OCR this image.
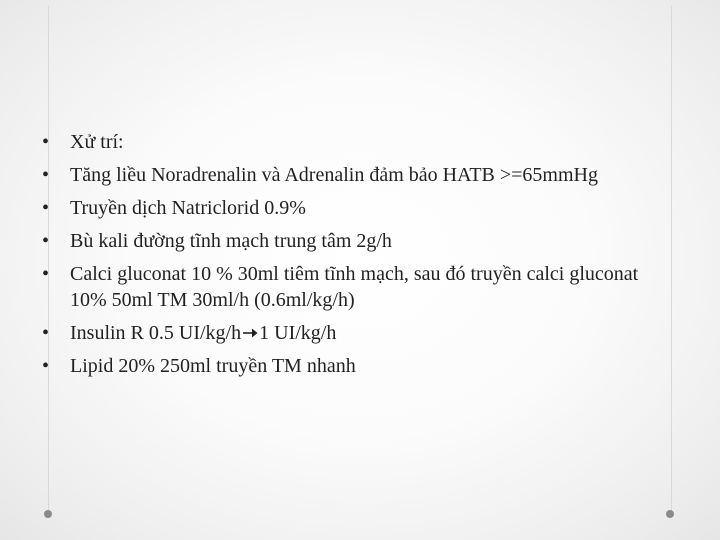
•	Xử trí:
•	Tăng liều Noradrenalin và Adrenalin đảm bảo HATB >=65mmHg
•	Truyền dịch Natriclorid 0.9%
•	Bù kali đường tĩnh mạch trung tâm 2g/h
•	Calci gluconat 10 % 30ml tiêm tĩnh mạch, sau đó truyền calci gluconat 10% 50ml TM 30ml/h (0.6ml/kg/h)
•	Insulin R 0.5 UI/kg/h 1 UI/kg/h
•	Lipid 20% 250ml truyền TM nhanh
